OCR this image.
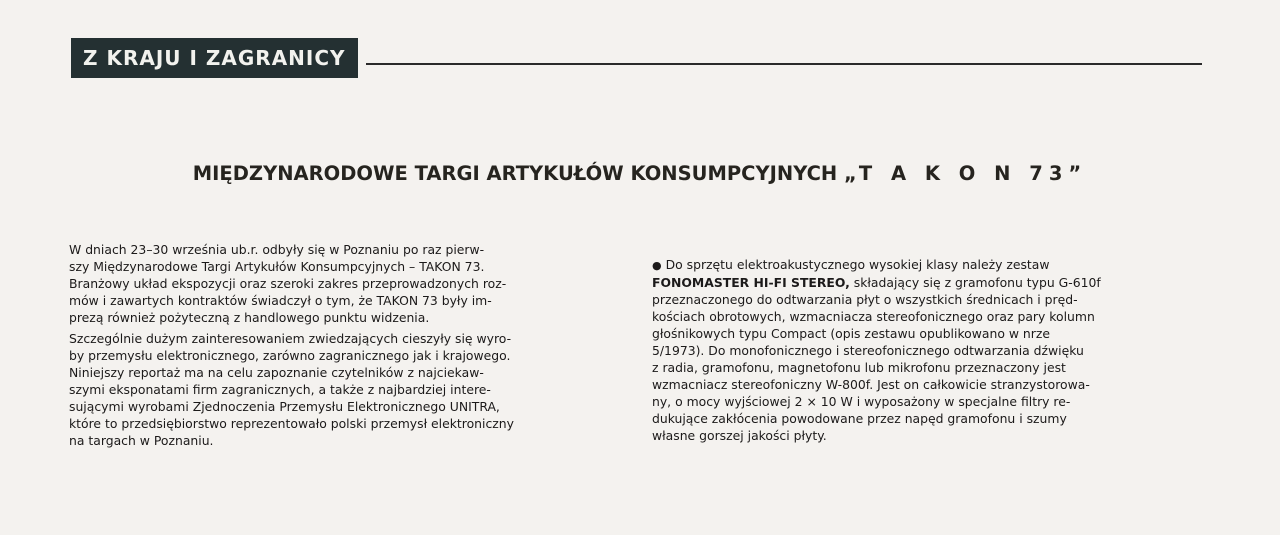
Z KRAJU I ZAGRANICY
MIĘDZYNARODOWE TARGI ARTYKUŁÓW KONSUMPCYJNYCH „T A K O N 73”
W dniach 23–30 września ub.r. odbyły się w Poznaniu po raz pierw-
szy Międzynarodowe Targi Artykułów Konsumpcyjnych – TAKON 73.
Branżowy układ ekspozycji oraz szeroki zakres przeprowadzonych roz-
mów i zawartych kontraktów świadczył o tym, że TAKON 73 były im-
prezą również pożyteczną z handlowego punktu widzenia.
Szczególnie dużym zainteresowaniem zwiedzających cieszyły się wyro-
by przemysłu elektronicznego, zarówno zagranicznego jak i krajowego.
Niniejszy reportaż ma na celu zapoznanie czytelników z najciekaw-
szymi eksponatami firm zagranicznych, a także z najbardziej intere-
sującymi wyrobami Zjednoczenia Przemysłu Elektronicznego UNITRA,
które to przedsiębiorstwo reprezentowało polski przemysł elektroniczny
na targach w Poznaniu.
● Do sprzętu elektroakustycznego wysokiej klasy należy zestaw
FONOMASTER HI-FI STEREO, składający się z gramofonu typu G-610f
przeznaczonego do odtwarzania płyt o wszystkich średnicach i pręd-
kościach obrotowych, wzmacniacza stereofonicznego oraz pary kolumn
głośnikowych typu Compact (opis zestawu opublikowano w nrze
5/1973). Do monofonicznego i stereofonicznego odtwarzania dźwięku
z radia, gramofonu, magnetofonu lub mikrofonu przeznaczony jest
wzmacniacz stereofoniczny W-800f. Jest on całkowicie stranzystorowa-
ny, o mocy wyjściowej 2 × 10 W i wyposażony w specjalne filtry re-
dukujące zakłócenia powodowane przez napęd gramofonu i szumy
własne gorszej jakości płyty.
